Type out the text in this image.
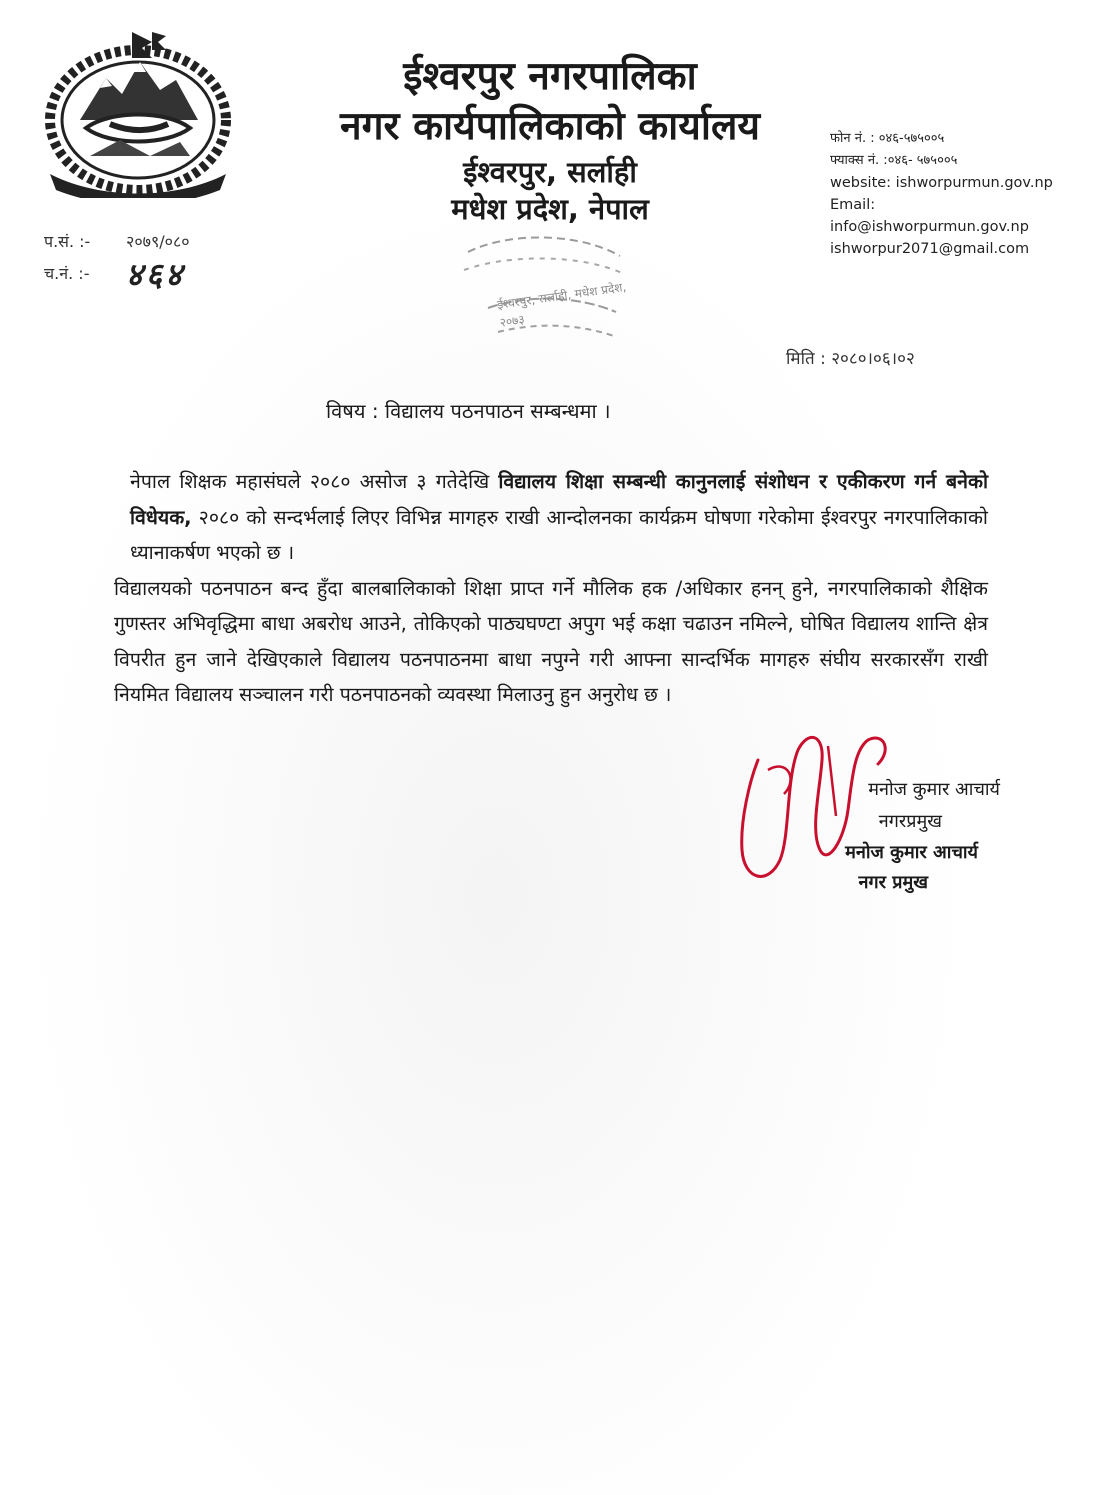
ईश्वरपुर नगरपालिका
नगर कार्यपालिकाको कार्यालय
ईश्वरपुर, सर्लाही
मधेश प्रदेश, नेपाल
फोन नं. : ०४६-५७५००५
फ्याक्स नं. :०४६- ५७५००५
website: ishworpurmun.gov.np
Email:
info@ishworpurmun.gov.np
ishworpur2071@gmail.com
प.सं. :- २०७९/०८०
च.नं. :- ४६४
ईश्वरपुर, सर्लाही, मधेश प्रदेश, २०७३
मिति : २०८०।०६।०२
विषय : विद्यालय पठनपाठन सम्बन्धमा ।

नेपाल शिक्षक महासंघले २०८० असोज ३ गतेदेखि विद्यालय शिक्षा सम्बन्धी कानुनलाई संशोधन र एकीकरण गर्न बनेको विधेयक, २०८० को सन्दर्भलाई लिएर विभिन्न मागहरु राखी आन्दोलनका कार्यक्रम घोषणा गरेकोमा ईश्वरपुर नगरपालिकाको ध्यानाकर्षण भएको छ ।

विद्यालयको पठनपाठन बन्द हुँदा बालबालिकाको शिक्षा प्राप्त गर्ने मौलिक हक /अधिकार हनन् हुने, नगरपालिकाको शैक्षिक गुणस्तर अभिवृद्धिमा बाधा अबरोध आउने, तोकिएको पाठ्यघण्टा अपुग भई कक्षा चढाउन नमिल्ने, घोषित विद्यालय शान्ति क्षेत्र विपरीत हुन जाने देखिएकाले विद्यालय पठनपाठनमा बाधा नपुग्ने गरी आफ्ना सान्दर्भिक मागहरु संघीय सरकारसँग राखी नियमित विद्यालय सञ्चालन गरी पठनपाठनको व्यवस्था मिलाउनु हुन अनुरोध छ ।

मनोज कुमार आचार्य
नगरप्रमुख
मनोज कुमार आचार्य
नगर प्रमुख
